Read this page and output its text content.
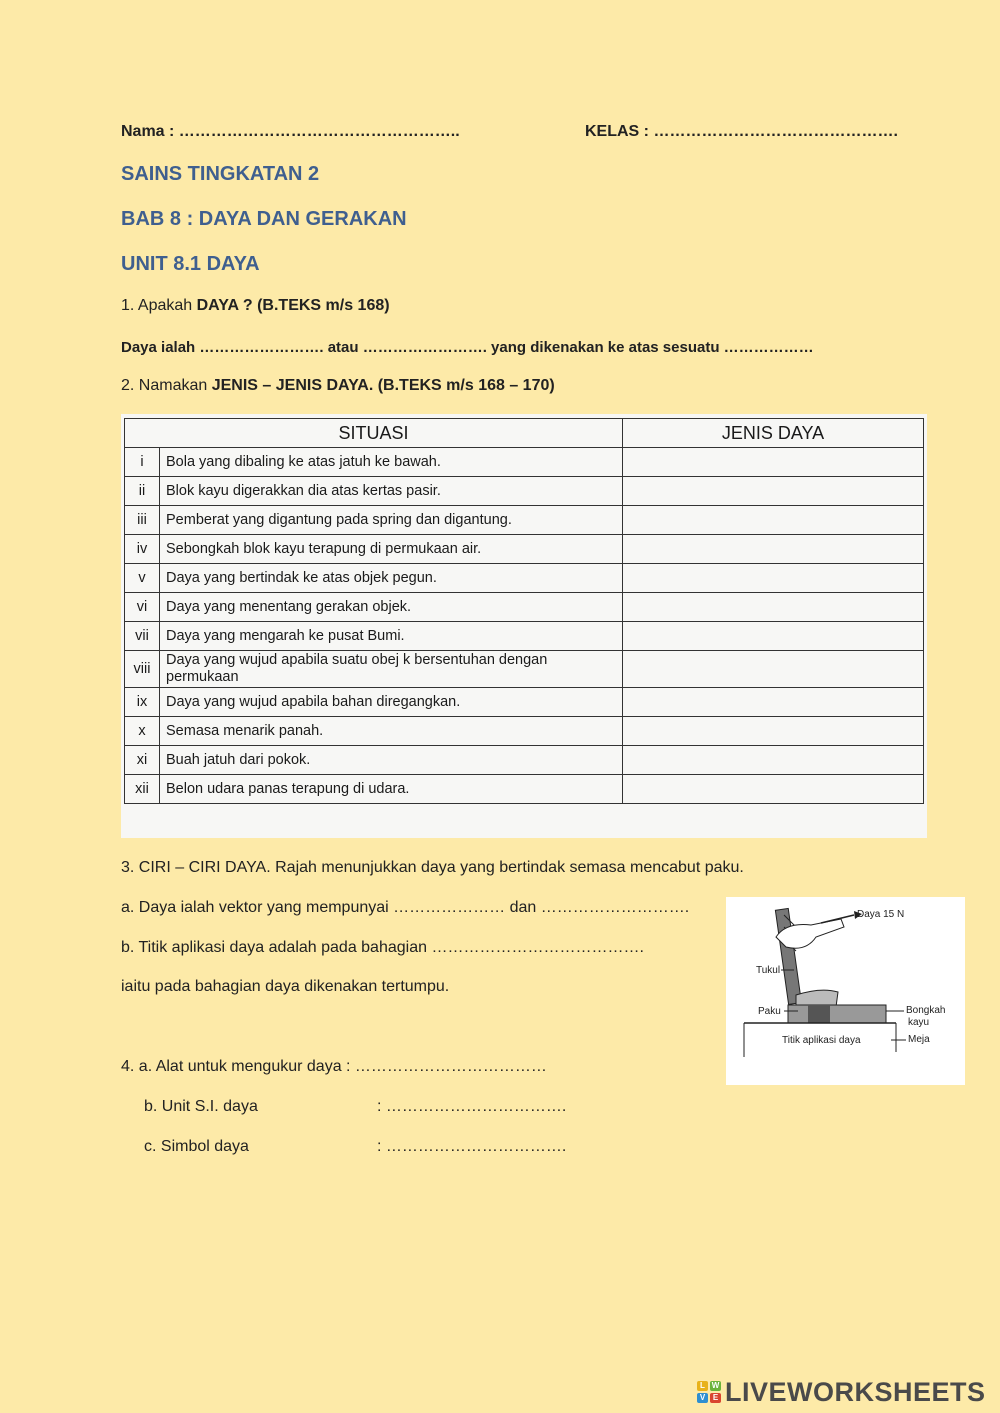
Nama : ……………………………………………..	KELAS : ……………………………………….
SAINS TINGKATAN 2
BAB 8 : DAYA DAN GERAKAN
UNIT 8.1 DAYA
1. Apakah DAYA ? (B.TEKS m/s 168)
Daya ialah ……………………. atau ……………………. yang dikenakan ke atas sesuatu ………………
2. Namakan JENIS – JENIS DAYA. (B.TEKS m/s 168 – 170)
SITUASI		JENIS DAYA
i	Bola yang dibaling ke atas jatuh ke bawah.	
ii	Blok kayu digerakkan dia atas kertas pasir.	
iii	Pemberat yang digantung pada spring dan digantung.	
iv	Sebongkah blok kayu terapung di permukaan air.	
v	Daya yang bertindak ke atas objek pegun.	
vi	Daya yang menentang gerakan objek.	
vii	Daya yang mengarah ke pusat Bumi.	
viii	Daya yang wujud apabila suatu obej k bersentuhan dengan permukaan	
ix	Daya yang wujud apabila bahan diregangkan.	
x	Semasa menarik panah.	
xi	Buah jatuh dari pokok.	
xii	Belon udara panas terapung di udara.	
3. CIRI – CIRI DAYA. Rajah menunjukkan daya yang bertindak semasa mencabut paku.
a. Daya ialah vektor yang mempunyai ………………… dan ……………………….
b. Titik aplikasi daya adalah pada bahagian ………………………………….
iaitu pada bahagian daya dikenakan tertumpu.
Daya 15 N
Tukul
Paku	Bongkah
kayu
Meja
Titik aplikasi daya
4. a. Alat untuk mengukur daya : ………………………………
b. Unit S.I. daya	: …………………………….
c. Simbol daya	: …………………………….
L W
V E LIVEWORKSHEETS
